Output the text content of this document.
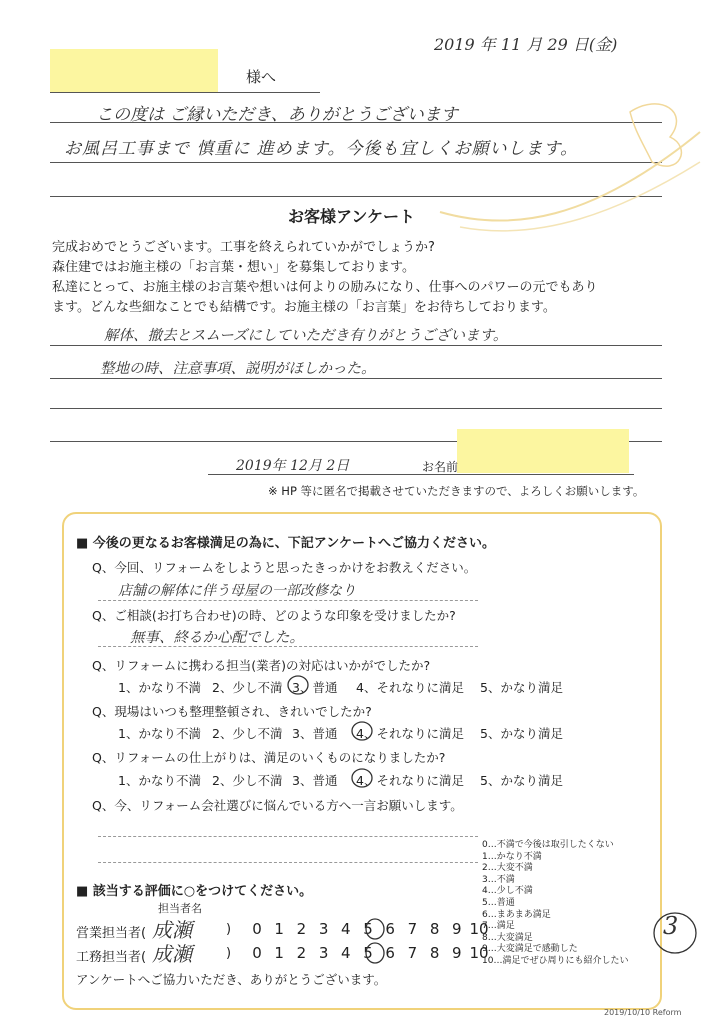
2019 年 11 月 29 日(金)
様へ
この度は ご縁いただき、ありがとうございます
お風呂工事まで 慎重に 進めます。今後も宜しくお願いします。
お客様アンケート
完成おめでとうございます。工事を終えられていかがでしょうか?
森住建ではお施主様の「お言葉・想い」を募集しております。
私達にとって、お施主様のお言葉や想いは何よりの励みになり、仕事へのパワーの元でもあり
ます。どんな些細なことでも結構です。お施主様の「お言葉」をお待ちしております。
解体、撤去とスムーズにしていただき有りがとうございます。
整地の時、注意事項、説明がほしかった。
2019年 12月 2日	お名前
※ HP 等に匿名で掲載させていただきますので、よろしくお願いします。
■ 今後の更なるお客様満足の為に、下記アンケートへご協力ください。
Q、今回、リフォームをしようと思ったきっかけをお教えください。
店舗の解体に伴う母屋の一部改修なり
Q、ご相談(お打ち合わせ)の時、どのような印象を受けましたか?
無事、終るか心配でした。
Q、リフォームに携わる担当(業者)の対応はいかがでしたか?
1、かなり不満 2、少し不満 3、普通 4、それなりに満足 5、かなり満足
Q、現場はいつも整理整頓され、きれいでしたか?
1、かなり不満 2、少し不満 3、普通 4、それなりに満足 5、かなり満足
Q、リフォームの仕上がりは、満足のいくものになりましたか?
1、かなり不満 2、少し不満 3、普通 4、それなりに満足 5、かなり満足
Q、今、リフォーム会社選びに悩んでいる方へ一言お願いします。
0…不満で今後は取引したくない
1…かなり不満
2…大変不満
3…不満
4…少し不満
5…普通
6…まあまあ満足
7…満足
8…大変満足
9…大変満足で感動した
10…満足でぜひ周りにも紹介したい
■ 該当する評価に○をつけてください。
担当者名
営業担当者( 成瀬	)	0 1 2 3 4 5 6 7 8 9 10
工務担当者( 成瀬	)	0 1 2 3 4 5 6 7 8 9 10
アンケートへご協力いただき、ありがとうございます。
3
2019/10/10 Reform
